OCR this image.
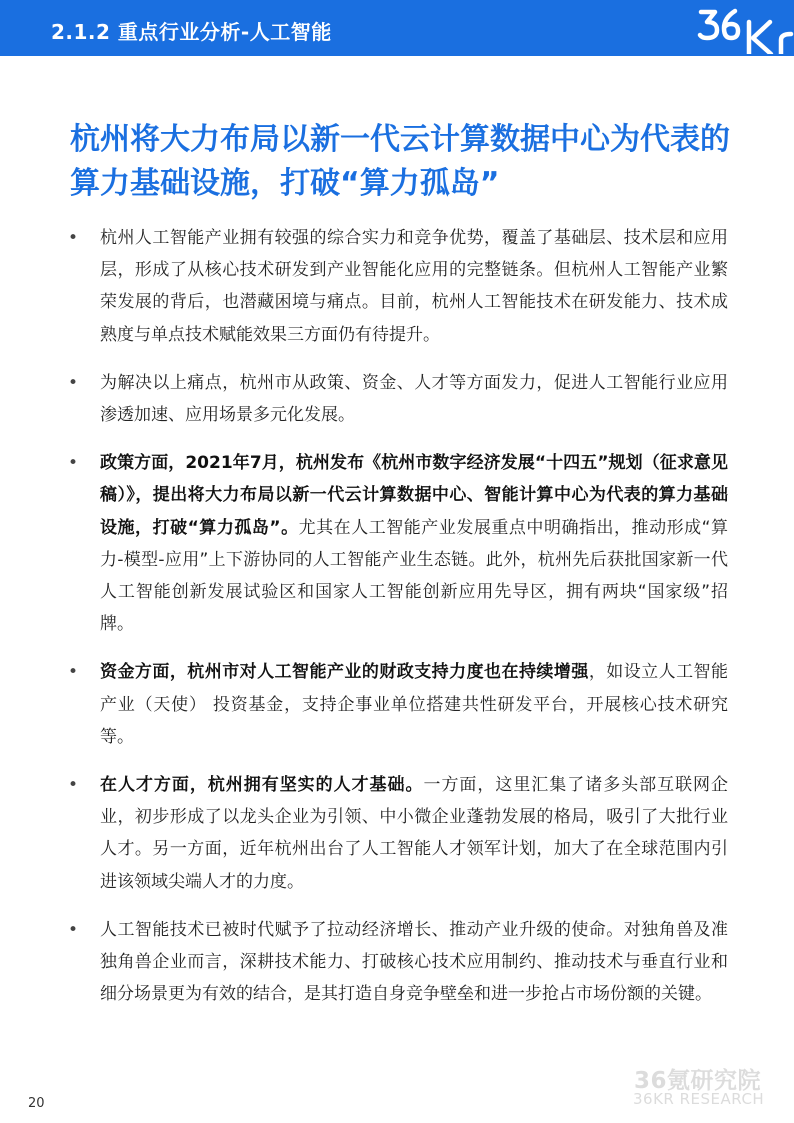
2.1.2 重点行业分析-人工智能
杭州将大力布局以新一代云计算数据中心为代表的算力基础设施，打破“算力孤岛”
•	杭州人工智能产业拥有较强的综合实力和竞争优势，覆盖了基础层、技术层和应用层，形成了从核心技术研发到产业智能化应用的完整链条。但杭州人工智能产业繁荣发展的背后，也潜藏困境与痛点。目前，杭州人工智能技术在研发能力、技术成熟度与单点技术赋能效果三方面仍有待提升。
•	为解决以上痛点，杭州市从政策、资金、人才等方面发力，促进人工智能行业应用渗透加速、应用场景多元化发展。
•	政策方面，2021年7月，杭州发布《杭州市数字经济发展“十四五”规划（征求意见稿）》，提出将大力布局以新一代云计算数据中心、智能计算中心为代表的算力基础设施，打破“算力孤岛”。尤其在人工智能产业发展重点中明确指出，推动形成“算力-模型-应用”上下游协同的人工智能产业生态链。此外，杭州先后获批国家新一代人工智能创新发展试验区和国家人工智能创新应用先导区，拥有两块“国家级”招牌。
•	资金方面，杭州市对人工智能产业的财政支持力度也在持续增强，如设立人工智能产业（天使） 投资基金，支持企事业单位搭建共性研发平台，开展核心技术研究等。
•	在人才方面，杭州拥有坚实的人才基础。一方面，这里汇集了诸多头部互联网企业，初步形成了以龙头企业为引领、中小微企业蓬勃发展的格局，吸引了大批行业人才。另一方面，近年杭州出台了人工智能人才领军计划，加大了在全球范围内引进该领域尖端人才的力度。
•	人工智能技术已被时代赋予了拉动经济增长、推动产业升级的使命。对独角兽及准独角兽企业而言，深耕技术能力、打破核心技术应用制约、推动技术与垂直行业和细分场景更为有效的结合，是其打造自身竞争壁垒和进一步抢占市场份额的关键。
36氪研究院
36KR RESEARCH
20
